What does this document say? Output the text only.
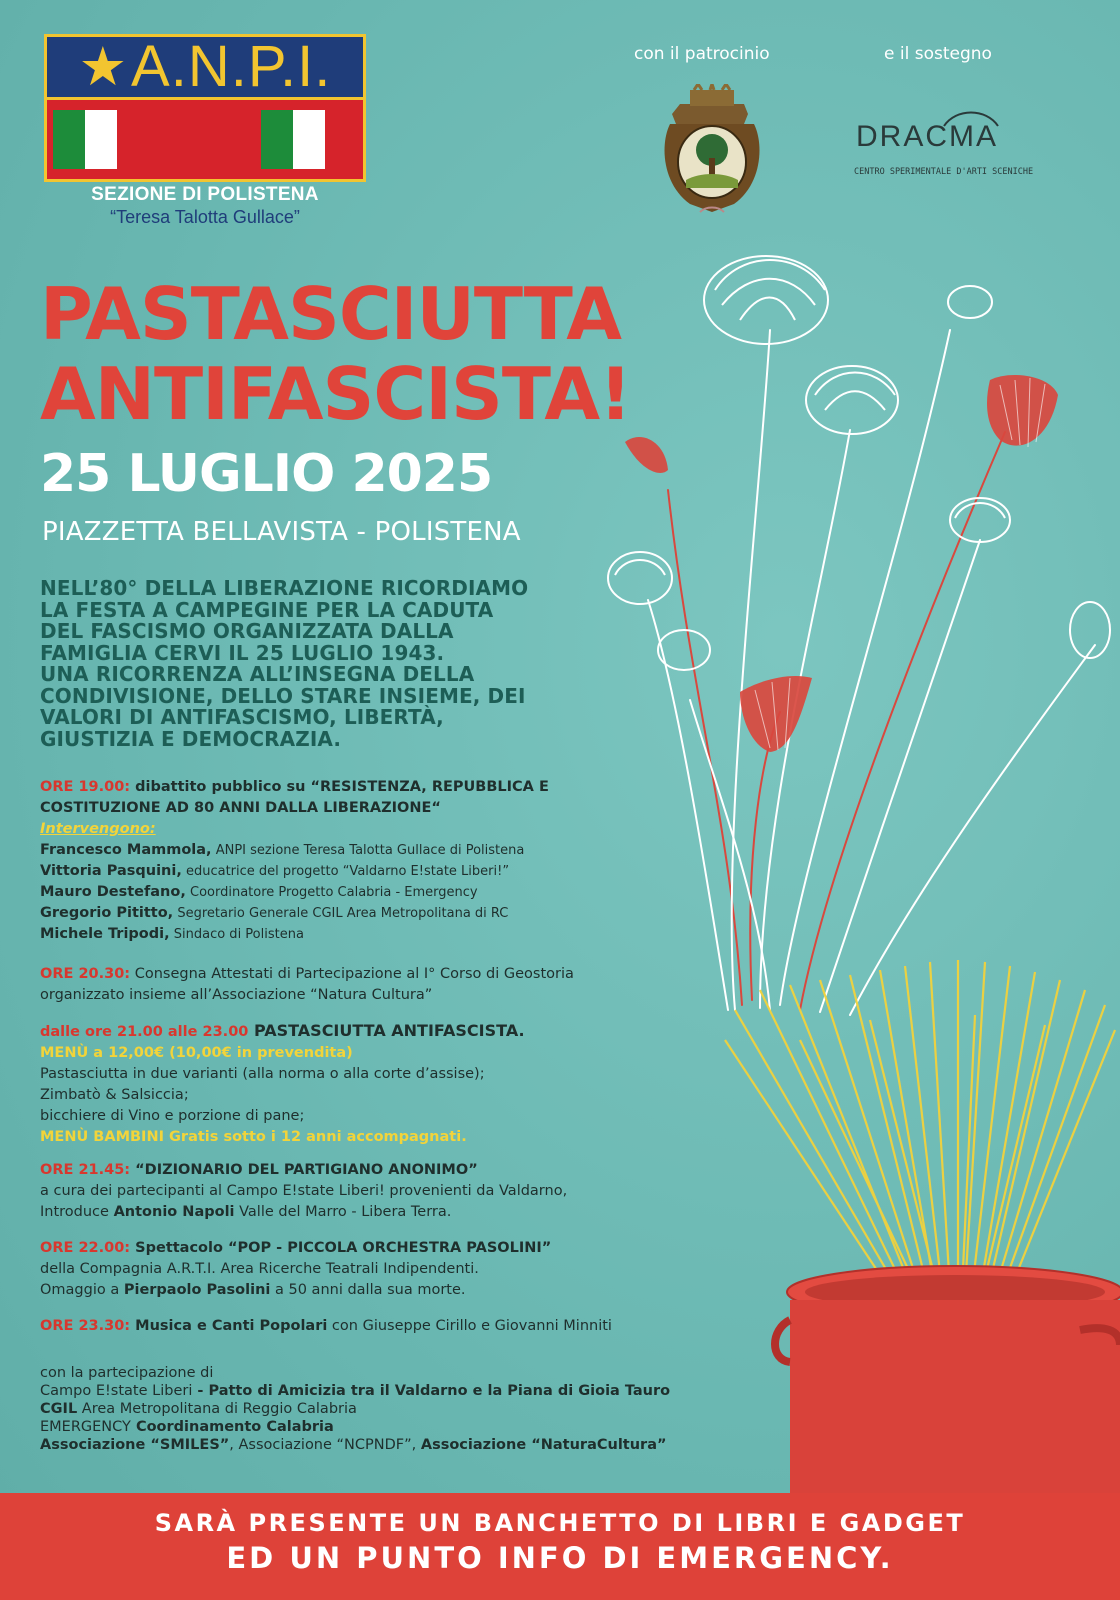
★ A.N.P.I.
SEZIONE DI POLISTENA
“Teresa Talotta Gullace”
con il patrocinio	e il sostegno
DRACMA
CENTRO SPERIMENTALE D'ARTI SCENICHE
PASTASCIUTTA
ANTIFASCISTA!
25 LUGLIO 2025
PIAZZETTA BELLAVISTA - POLISTENA
NELL’80° DELLA LIBERAZIONE RICORDIAMO
LA FESTA A CAMPEGINE PER LA CADUTA
DEL FASCISMO ORGANIZZATA DALLA
FAMIGLIA CERVI IL 25 LUGLIO 1943.
UNA RICORRENZA ALL’INSEGNA DELLA
CONDIVISIONE, DELLO STARE INSIEME, DEI
VALORI DI ANTIFASCISMO, LIBERTÀ,
GIUSTIZIA E DEMOCRAZIA.
ORE 19.00: dibattito pubblico su “RESISTENZA, REPUBBLICA E
COSTITUZIONE AD 80 ANNI DALLA LIBERAZIONE“
Intervengono:
Francesco Mammola, ANPI sezione Teresa Talotta Gullace di Polistena
Vittoria Pasquini, educatrice del progetto “Valdarno E!state Liberi!”
Mauro Destefano, Coordinatore Progetto Calabria - Emergency
Gregorio Pititto, Segretario Generale CGIL Area Metropolitana di RC
Michele Tripodi, Sindaco di Polistena
ORE 20.30: Consegna Attestati di Partecipazione al I° Corso di Geostoria
organizzato insieme all’Associazione “Natura Cultura”
dalle ore 21.00 alle 23.00 PASTASCIUTTA ANTIFASCISTA.
MENÙ a 12,00€ (10,00€ in prevendita)
Pastasciutta in due varianti (alla norma o alla corte d’assise);
Zimbatò & Salsiccia;
bicchiere di Vino e porzione di pane;
MENÙ BAMBINI Gratis sotto i 12 anni accompagnati.
ORE 21.45: “DIZIONARIO DEL PARTIGIANO ANONIMO”
a cura dei partecipanti al Campo E!state Liberi! provenienti da Valdarno,
Introduce Antonio Napoli Valle del Marro - Libera Terra.
ORE 22.00: Spettacolo “POP - PICCOLA ORCHESTRA PASOLINI”
della Compagnia A.R.T.I. Area Ricerche Teatrali Indipendenti.
Omaggio a Pierpaolo Pasolini a 50 anni dalla sua morte.
ORE 23.30: Musica e Canti Popolari con Giuseppe Cirillo e Giovanni Minniti
con la partecipazione di
Campo E!state Liberi - Patto di Amicizia tra il Valdarno e la Piana di Gioia Tauro
CGIL Area Metropolitana di Reggio Calabria
EMERGENCY Coordinamento Calabria
Associazione “SMILES”, Associazione “NCPNDF”, Associazione “NaturaCultura”
SARÀ PRESENTE UN BANCHETTO DI LIBRI E GADGET
ED UN PUNTO INFO DI EMERGENCY.
